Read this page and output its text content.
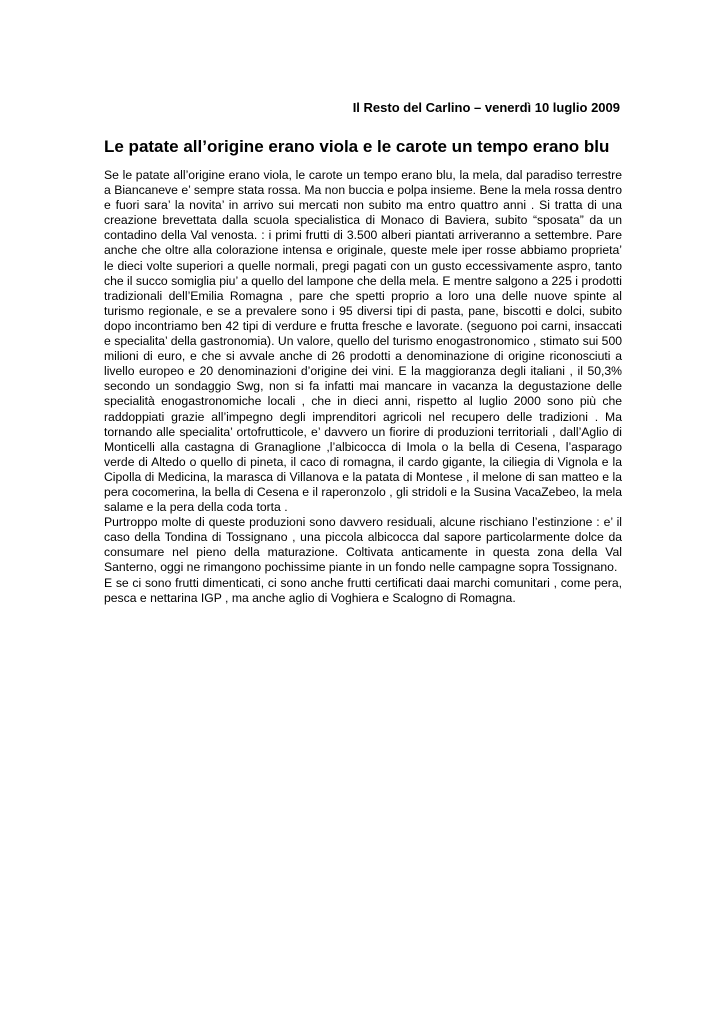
Il Resto del Carlino – venerdì 10 luglio 2009
Le patate all’origine erano viola e le carote un tempo erano blu

Se le patate all’origine erano viola, le carote un tempo erano blu, la mela, dal paradiso terrestre
a Biancaneve e’ sempre stata rossa. Ma non buccia e polpa insieme. Bene la mela rossa dentro
e fuori sara’ la novita’ in arrivo sui mercati non subito ma entro quattro anni . Si tratta di una
creazione brevettata dalla scuola specialistica di Monaco di Baviera, subito “sposata” da un
contadino della Val venosta. : i primi frutti di 3.500 alberi piantati arriveranno a settembre. Pare
anche che oltre alla colorazione intensa e originale, queste mele iper rosse abbiamo proprieta’
le dieci volte superiori a quelle normali, pregi pagati con un gusto eccessivamente aspro, tanto
che il succo somiglia piu’ a quello del lampone che della mela. E mentre salgono a 225 i prodotti
tradizionali dell’Emilia Romagna , pare che spetti proprio a loro una delle nuove spinte al
turismo regionale, e se a prevalere sono i 95 diversi tipi di pasta, pane, biscotti e dolci, subito
dopo incontriamo ben 42 tipi di verdure e frutta fresche e lavorate. (seguono poi carni, insaccati
e specialita’ della gastronomia). Un valore, quello del turismo enogastronomico , stimato sui 500
milioni di euro, e che si avvale anche di 26 prodotti a denominazione di origine riconosciuti a
livello europeo e 20 denominazioni d’origine dei vini. E la maggioranza degli italiani , il 50,3%
secondo un sondaggio Swg, non si fa infatti mai mancare in vacanza la degustazione delle
specialità enogastronomiche locali , che in dieci anni, rispetto al luglio 2000 sono più che
raddoppiati grazie all’impegno degli imprenditori agricoli nel recupero delle tradizioni . Ma
tornando alle specialita’ ortofrutticole, e’ davvero un fiorire di produzioni territoriali , dall’Aglio di
Monticelli alla castagna di Granaglione ,l’albicocca di Imola o la bella di Cesena, l’asparago
verde di Altedo o quello di pineta, il caco di romagna, il cardo gigante, la ciliegia di Vignola e la
Cipolla di Medicina, la marasca di Villanova e la patata di Montese , il melone di san matteo e la
pera cocomerina, la bella di Cesena e il raperonzolo , gli stridoli e la Susina VacaZebeo, la mela
salame e la pera della coda torta .

Purtroppo molte di queste produzioni sono davvero residuali, alcune rischiano l’estinzione : e’ il
caso della Tondina di Tossignano , una piccola albicocca dal sapore particolarmente dolce da
consumare nel pieno della maturazione. Coltivata anticamente in questa zona della Val
Santerno, oggi ne rimangono pochissime piante in un fondo nelle campagne sopra Tossignano.

E se ci sono frutti dimenticati, ci sono anche frutti certificati daai marchi comunitari , come pera,
pesca e nettarina IGP , ma anche aglio di Voghiera e Scalogno di Romagna.
